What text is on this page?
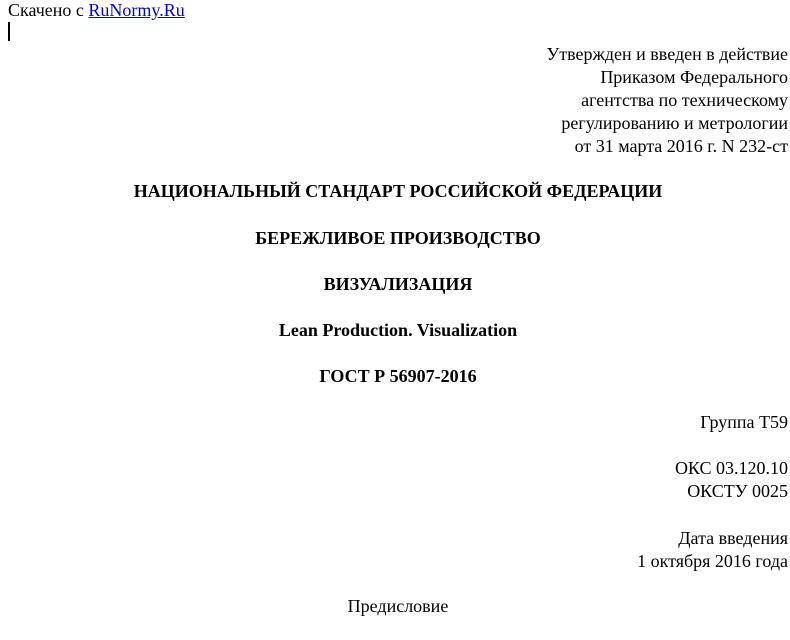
Скачено с RuNormy.Ru
Утвержден и введен в действие
Приказом Федерального
агентства по техническому
регулированию и метрологии
от 31 марта 2016 г. N 232-ст
НАЦИОНАЛЬНЫЙ СТАНДАРТ РОССИЙСКОЙ ФЕДЕРАЦИИ
БЕРЕЖЛИВОЕ ПРОИЗВОДСТВО
ВИЗУАЛИЗАЦИЯ
Lean Production. Visualization
ГОСТ Р 56907-2016
Группа Т59
ОКС 03.120.10
ОКСТУ 0025
Дата введения
1 октября 2016 года
Предисловие
